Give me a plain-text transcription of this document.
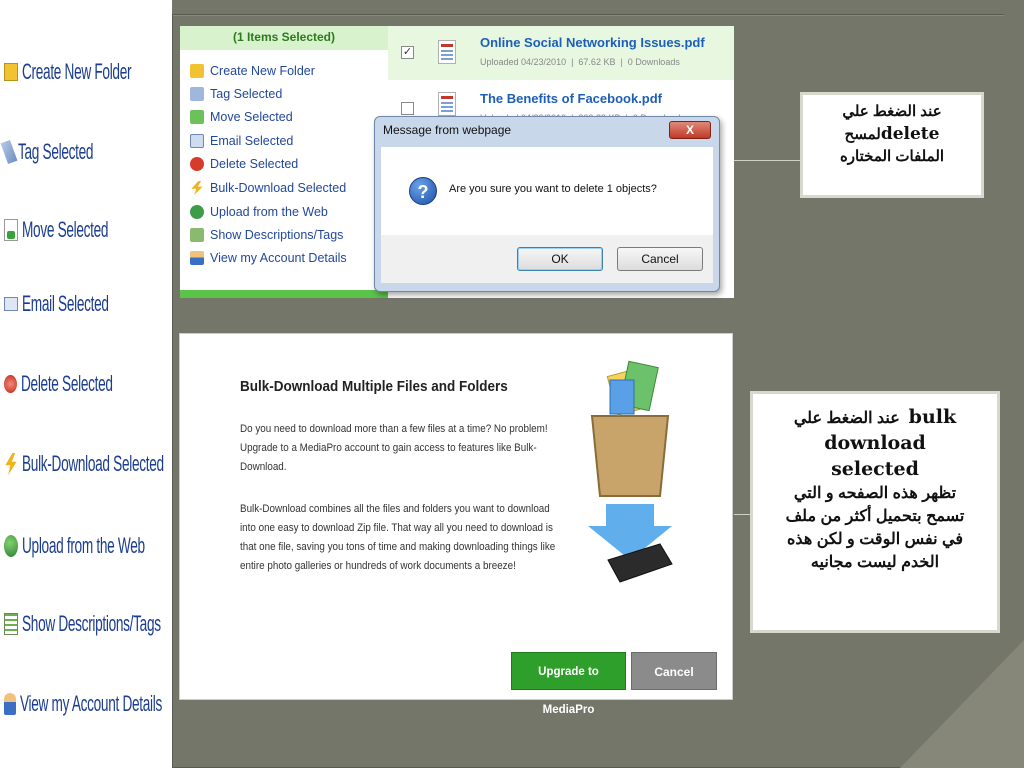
Create New Folder
Tag Selected
Move Selected
Email Selected
Delete Selected
Bulk-Download Selected
Upload from the Web
Show Descriptions/Tags
View my Account Details
(1 Items Selected)
Create New Folder
Tag Selected
Move Selected
Email Selected
Delete Selected
Bulk-Download Selected
Upload from the Web
Show Descriptions/Tags
View my Account Details
✓
Online Social Networking Issues.pdf
Uploaded 04/23/2010  |  67.62 KB  |  0 Downloads
The Benefits of Facebook.pdf
Message from webpage	X
?	Are you sure you want to delete 1 objects?
OK	Cancel
عند الضغط علي
لمسحdelete
الملفات المختاره
Bulk-Download Multiple Files and Folders
Do you need to download more than a few files at a time? No problem! Upgrade to a MediaPro account to gain access to features like Bulk-Download.
Bulk-Download combines all the files and folders you want to download into one easy to download Zip file. That way all you need to download is that one file, saving you tons of time and making downloading things like entire photo galleries or hundreds of work documents a breeze!
Upgrade to MediaPro
Cancel
عند الضغط علي bulk
download
selected
تظهر هذه الصفحه و التي
تسمح بتحميل أكثر من ملف
في نفس الوقت و لكن هذه
الخدم ليست مجانيه
